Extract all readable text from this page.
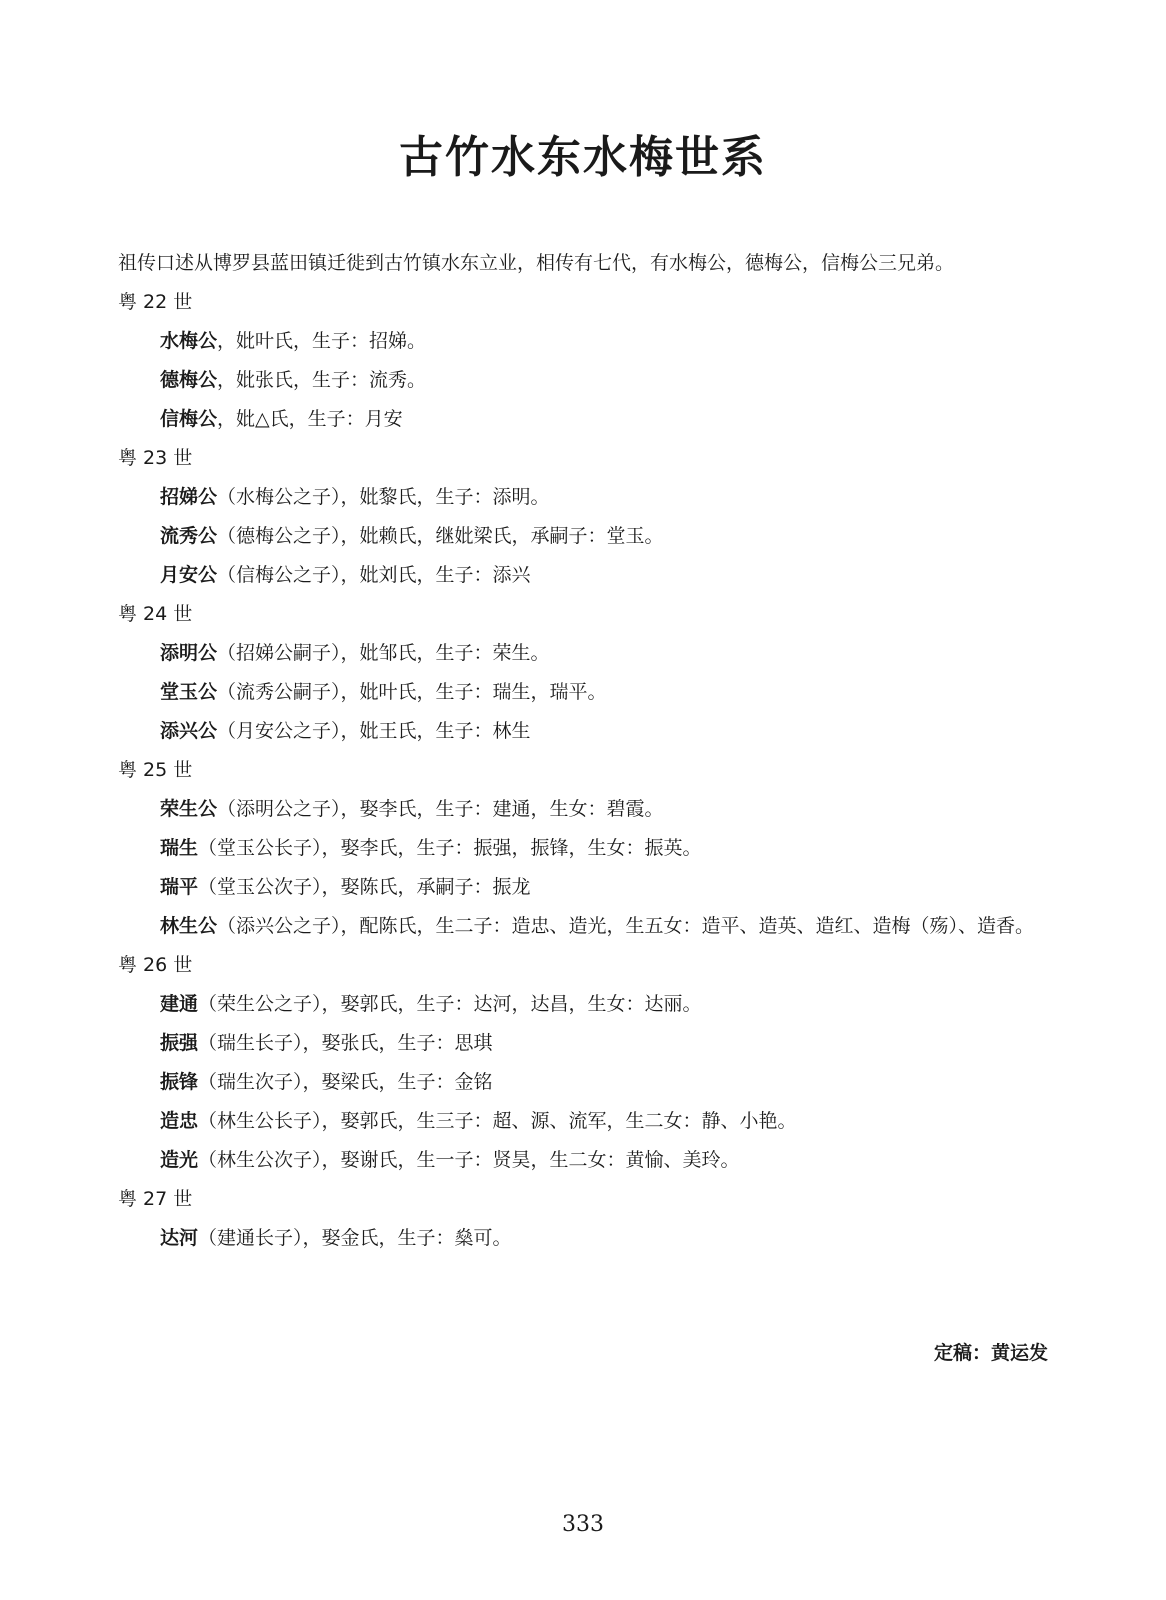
古竹水东水梅世系

祖传口述从博罗县蓝田镇迁徙到古竹镇水东立业，相传有七代，有水梅公，德梅公，信梅公三兄弟。

粤 22 世

水梅公，妣叶氏，生子：招娣。

德梅公，妣张氏，生子：流秀。

信梅公，妣△氏，生子：月安

粤 23 世

招娣公（水梅公之子），妣黎氏，生子：添明。

流秀公（德梅公之子），妣赖氏，继妣梁氏，承嗣子：堂玉。

月安公（信梅公之子），妣刘氏，生子：添兴

粤 24 世

添明公（招娣公嗣子），妣邹氏，生子：荣生。

堂玉公（流秀公嗣子），妣叶氏，生子：瑞生，瑞平。

添兴公（月安公之子），妣王氏，生子：林生

粤 25 世

荣生公（添明公之子），娶李氏，生子：建通，生女：碧霞。

瑞生（堂玉公长子），娶李氏，生子：振强，振锋，生女：振英。

瑞平（堂玉公次子），娶陈氏，承嗣子：振龙

林生公（添兴公之子），配陈氏，生二子：造忠、造光，生五女：造平、造英、造红、造梅（殇）、造香。

粤 26 世

建通（荣生公之子），娶郭氏，生子：达河，达昌，生女：达丽。

振强（瑞生长子），娶张氏，生子：思琪

振锋（瑞生次子），娶梁氏，生子：金铭

造忠（林生公长子），娶郭氏，生三子：超、源、流军，生二女：静、小艳。

造光（林生公次子），娶谢氏，生一子：贤昊，生二女：黄愉、美玲。

粤 27 世

达河（建通长子），娶金氏，生子：燊可。

定稿：黄运发

333
